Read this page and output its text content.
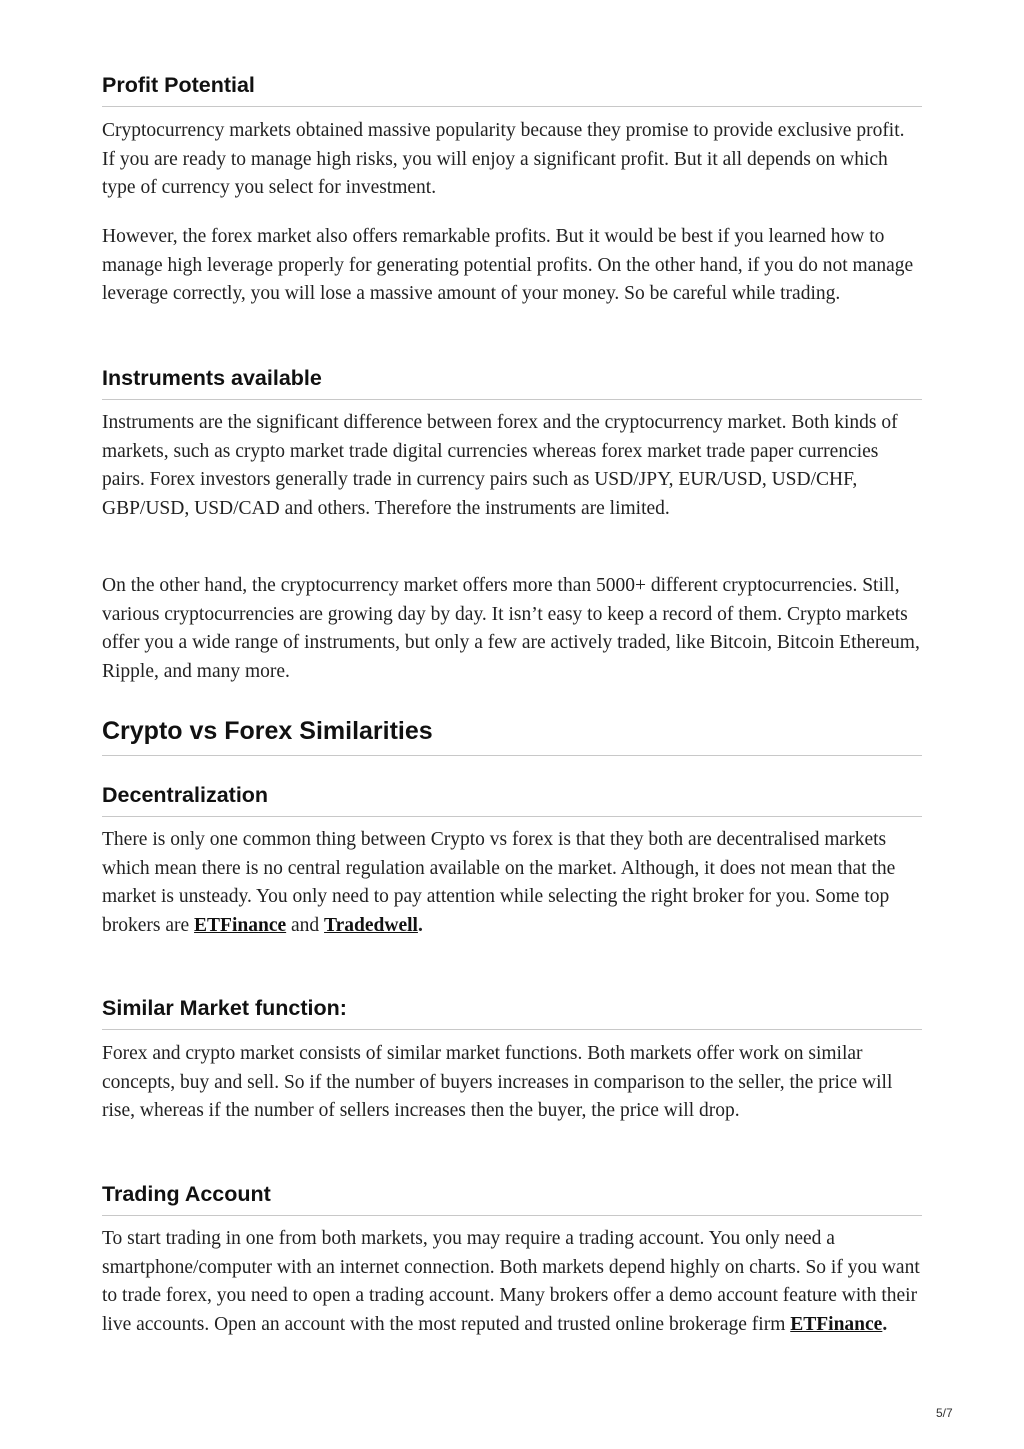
Profit Potential

Cryptocurrency markets obtained massive popularity because they promise to provide exclusive profit. If you are ready to manage high risks, you will enjoy a significant profit. But it all depends on which type of currency you select for investment.

However, the forex market also offers remarkable profits. But it would be best if you learned how to manage high leverage properly for generating potential profits. On the other hand, if you do not manage leverage correctly, you will lose a massive amount of your money. So be careful while trading.

Instruments available

Instruments are the significant difference between forex and the cryptocurrency market. Both kinds of markets, such as crypto market trade digital currencies whereas forex market trade paper currencies pairs. Forex investors generally trade in currency pairs such as USD/JPY, EUR/USD, USD/CHF, GBP/USD, USD/CAD and others. Therefore the instruments are limited.

On the other hand, the cryptocurrency market offers more than 5000+ different cryptocurrencies. Still, various cryptocurrencies are growing day by day. It isn’t easy to keep a record of them. Crypto markets offer you a wide range of instruments, but only a few are actively traded, like Bitcoin, Bitcoin Ethereum, Ripple, and many more.

Crypto vs Forex Similarities
Decentralization

There is only one common thing between Crypto vs forex is that they both are decentralised markets which mean there is no central regulation available on the market. Although, it does not mean that the market is unsteady. You only need to pay attention while selecting the right broker for you. Some top brokers are ETFinance and Tradedwell.

Similar Market function:

Forex and crypto market consists of similar market functions. Both markets offer work on similar concepts, buy and sell. So if the number of buyers increases in comparison to the seller, the price will rise, whereas if the number of sellers increases then the buyer, the price will drop.

Trading Account

To start trading in one from both markets, you may require a trading account. You only need a smartphone/computer with an internet connection. Both markets depend highly on charts. So if you want to trade forex, you need to open a trading account. Many brokers offer a demo account feature with their live accounts. Open an account with the most reputed and trusted online brokerage firm ETFinance.

5/7
